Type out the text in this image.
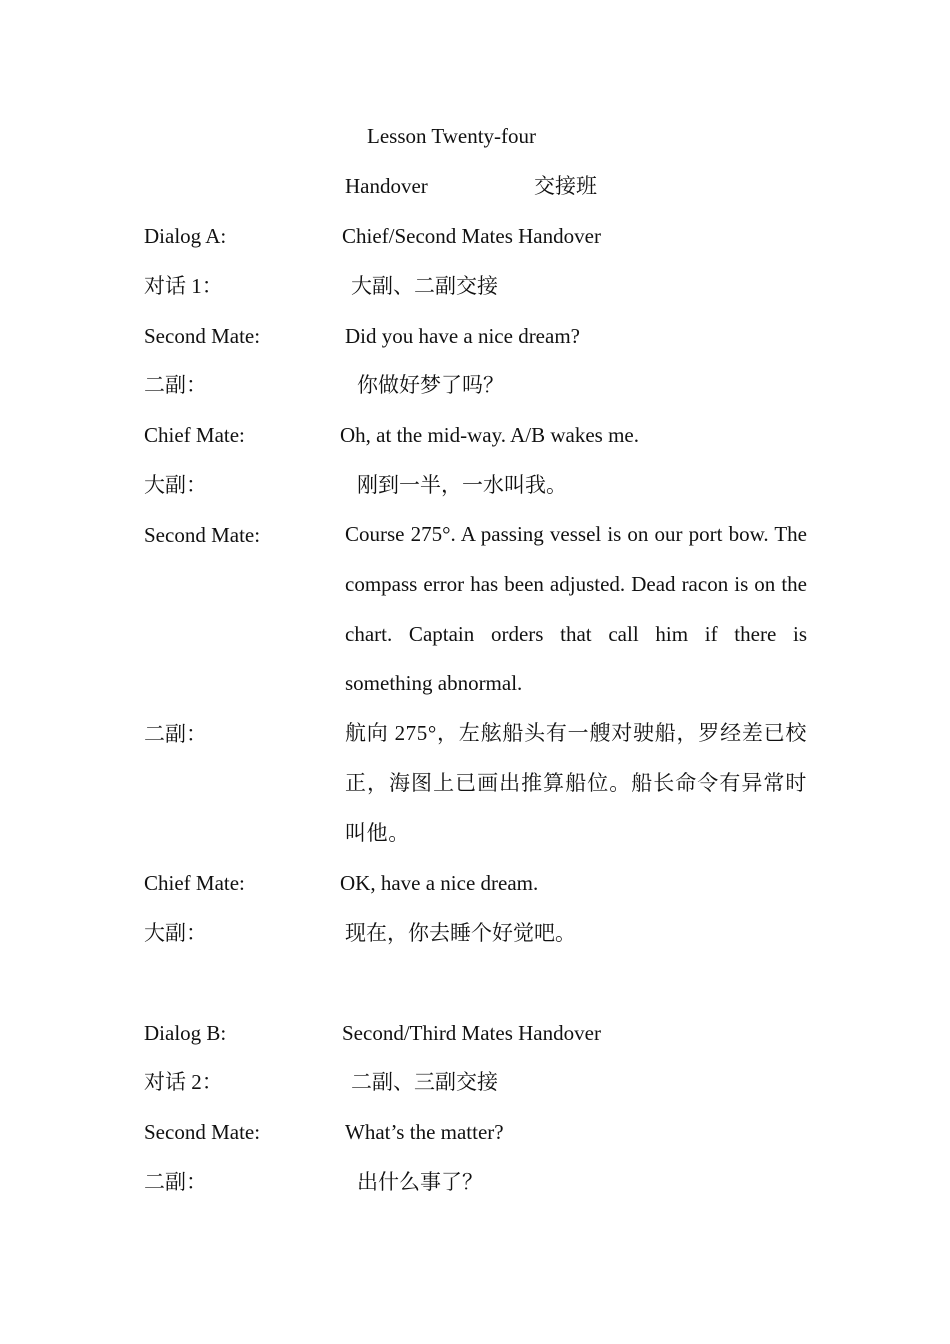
Lesson Twenty-four
Handover	交接班
Dialog A:	Chief/Second Mates Handover
对话 1：	大副、二副交接
Second Mate:	Did you have a nice dream?
二副：	你做好梦了吗？
Chief Mate:	Oh, at the mid-way. A/B wakes me.
大副：	刚到一半，一水叫我。
Second Mate:	Course 275°. A passing vessel is on our port bow. The compass error has been adjusted. Dead racon is on the chart. Captain orders that call him if there is something abnormal.
二副：	航向 275°，左舷船头有一艘对驶船，罗经差已校正，海图上已画出推算船位。船长命令有异常时叫他。
Chief Mate:	OK, have a nice dream.
大副：	现在，你去睡个好觉吧。
Dialog B:	Second/Third Mates Handover
对话 2：	二副、三副交接
Second Mate:	What’s the matter?
二副：	出什么事了？
